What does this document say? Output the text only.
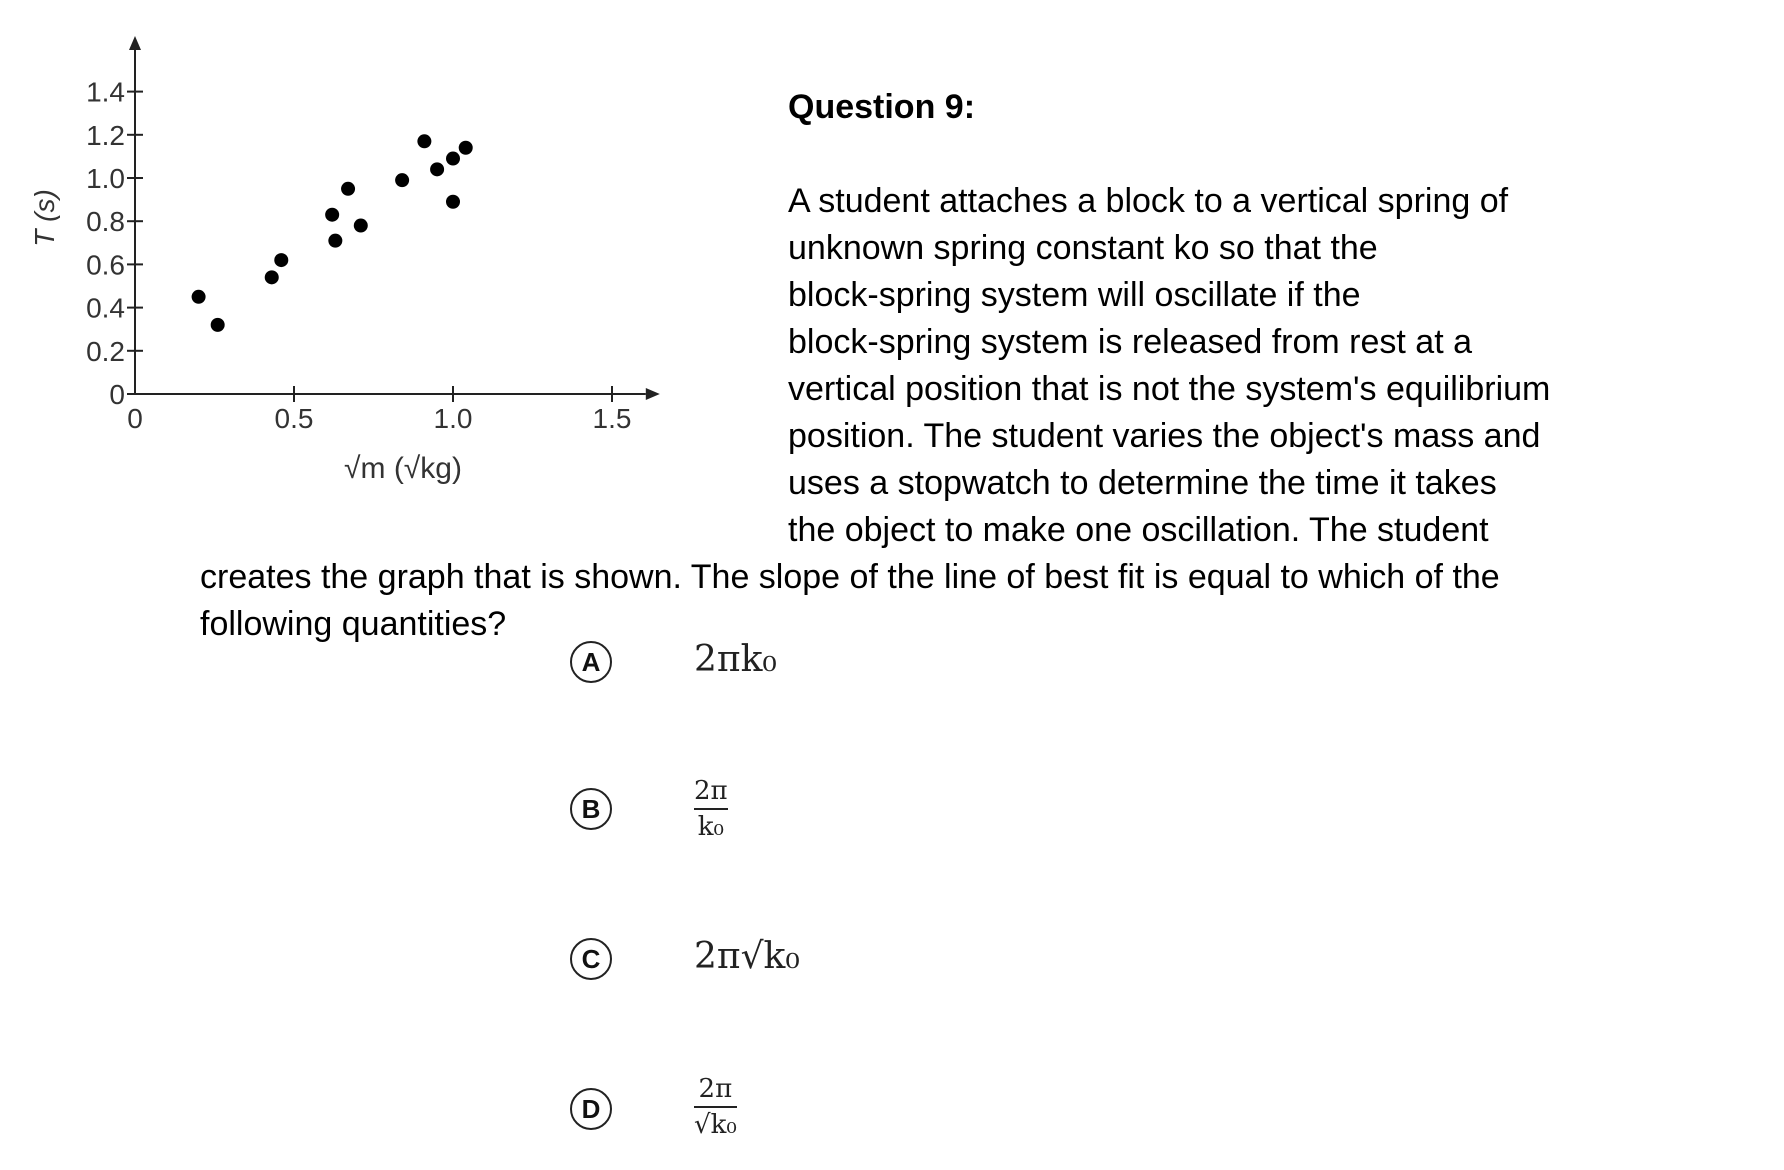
0
0.2
0.4
0.6
0.8
1.0
1.2
1.4
0	0.5	1.0	1.5
T (s)
√m (√kg)
Question 9:
A student attaches a block to a vertical spring of
unknown spring constant ko so that the
block-spring system will oscillate if the
block-spring system is released from rest at a
vertical position that is not the system's equilibrium
position. The student varies the object's mass and
uses a stopwatch to determine the time it takes
the object to make one oscillation. The student
creates the graph that is shown. The slope of the line of best fit is equal to which of the
following quantities?
A	2πk₀
B
2π
k₀
C	2π√k₀
D
2π
√k₀
